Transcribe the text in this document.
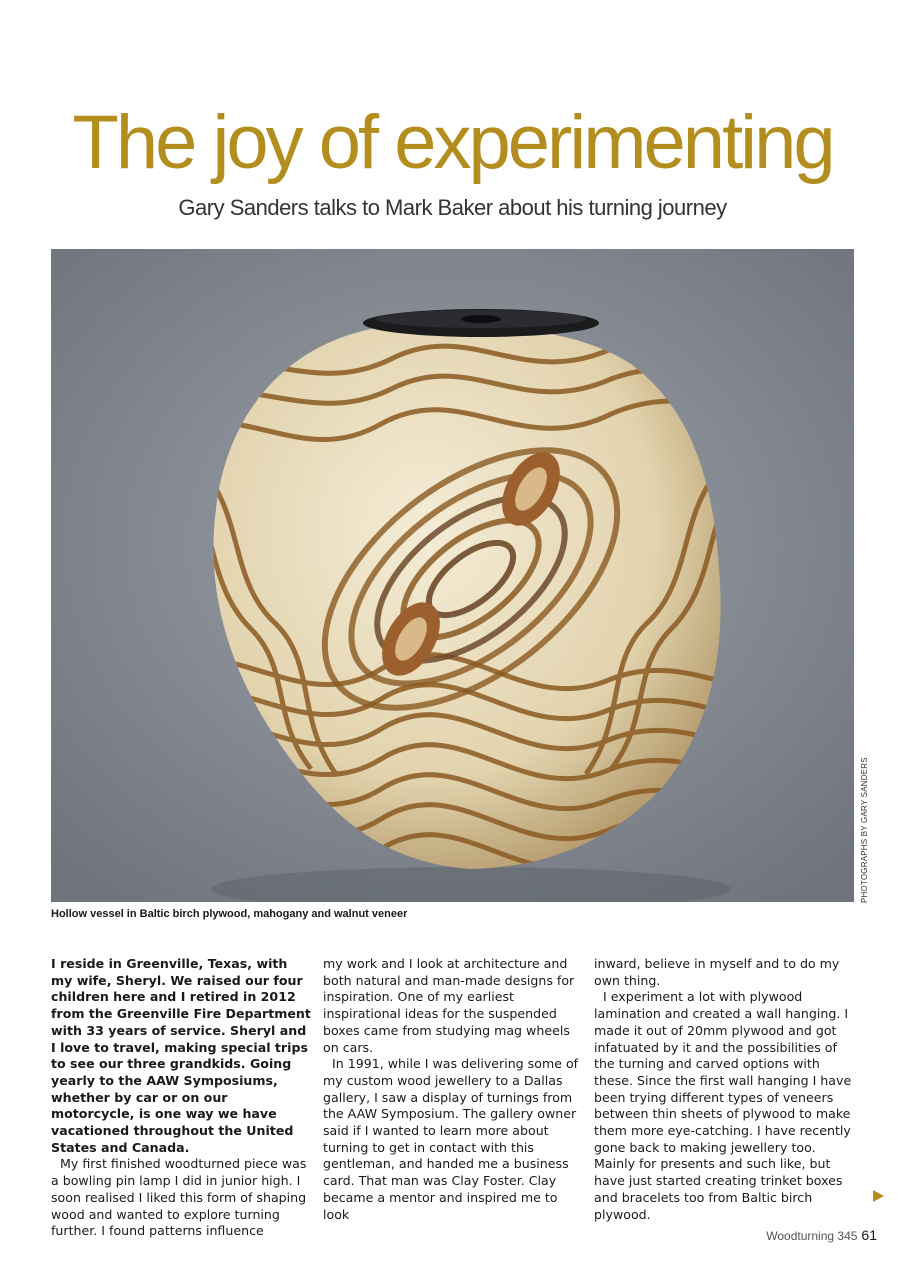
The joy of experimenting
Gary Sanders talks to Mark Baker about his turning journey
PHOTOGRAPHS BY GARY SANDERS
Hollow vessel in Baltic birch plywood, mahogany and walnut veneer

I reside in Greenville, Texas, with my wife, Sheryl. We raised our four children here and I retired in 2012 from the Greenville Fire Department with 33 years of service. Sheryl and I love to travel, making special trips to see our three grandkids. Going yearly to the AAW Symposiums, whether by car or on our motorcycle, is one way we have vacationed throughout the United States and Canada.

My first finished woodturned piece was a bowling pin lamp I did in junior high. I soon realised I liked this form of shaping wood and wanted to explore turning further. I found patterns influence

my work and I look at architecture and both natural and man-made designs for inspiration. One of my earliest inspirational ideas for the suspended boxes came from studying mag wheels on cars.

In 1991, while I was delivering some of my custom wood jewellery to a Dallas gallery, I saw a display of turnings from the AAW Symposium. The gallery owner said if I wanted to learn more about turning to get in contact with this gentleman, and handed me a business card. That man was Clay Foster. Clay became a mentor and inspired me to look

inward, believe in myself and to do my own thing.

I experiment a lot with plywood lamination and created a wall hanging. I made it out of 20mm plywood and got infatuated by it and the possibilities of the turning and carved options with these. Since the first wall hanging I have been trying different types of veneers between thin sheets of plywood to make them more eye-catching. I have recently gone back to making jewellery too. Mainly for presents and such like, but have just started creating trinket boxes and bracelets too from Baltic birch plywood.

Woodturning 345 61
